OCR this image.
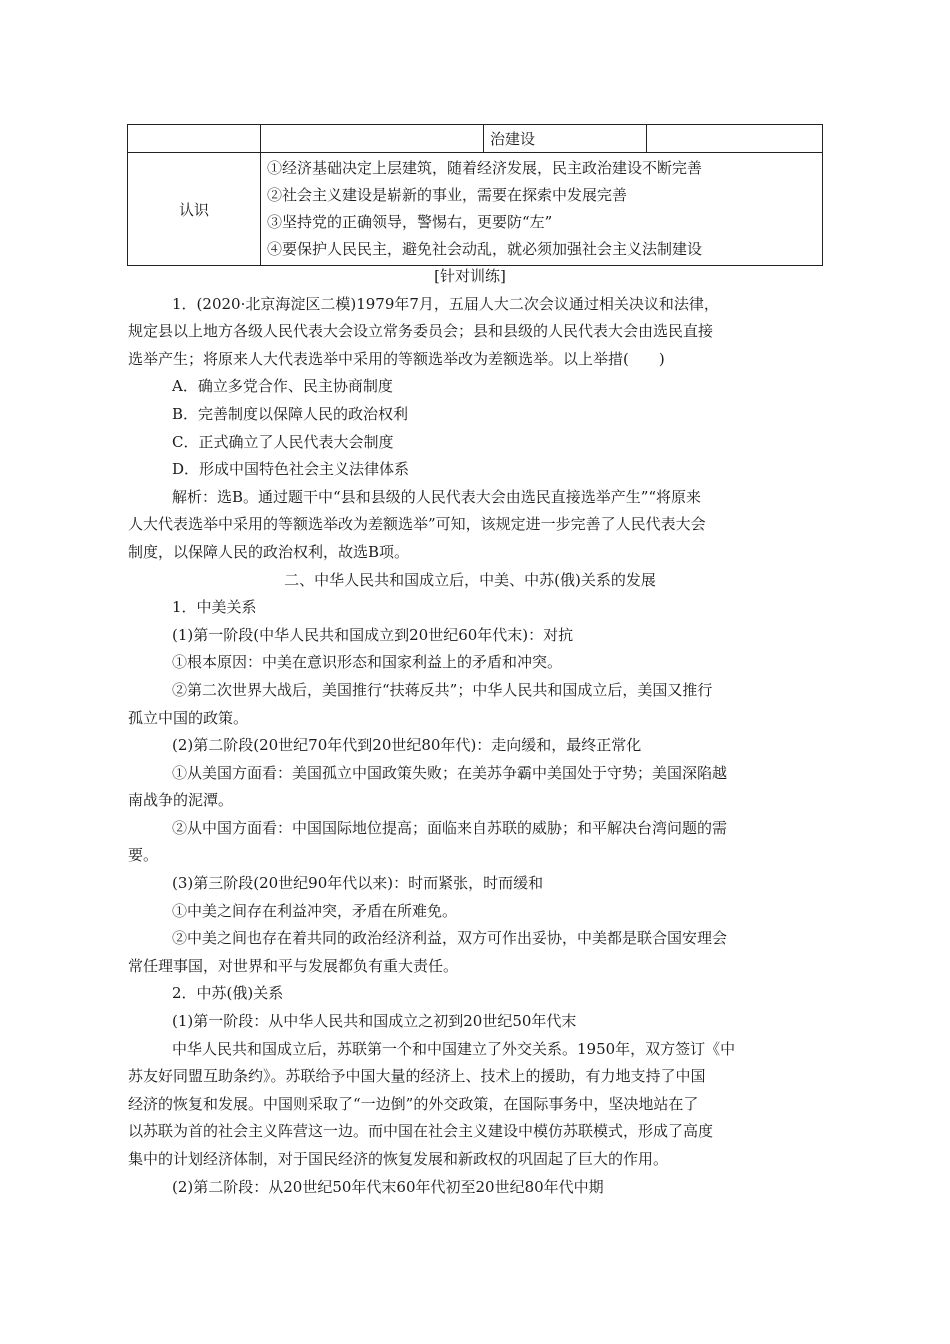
		治建设	
认识	①经济基础决定上层建筑，随着经济发展，民主政治建设不断完善
②社会主义建设是崭新的事业，需要在探索中发展完善
③坚持党的正确领导，警惕右，更要防“左”
④要保护人民民主，避免社会动乱，就必须加强社会主义法制建设		
[针对训练]
1．(2020·北京海淀区二模)1979年7月，五届人大二次会议通过相关决议和法律，
规定县以上地方各级人民代表大会设立常务委员会；县和县级的人民代表大会由选民直接
选举产生；将原来人大代表选举中采用的等额选举改为差额选举。以上举措(　　)
A．确立多党合作、民主协商制度
B．完善制度以保障人民的政治权利
C．正式确立了人民代表大会制度
D．形成中国特色社会主义法律体系
解析：选B。通过题干中“县和县级的人民代表大会由选民直接选举产生”“将原来
人大代表选举中采用的等额选举改为差额选举”可知，该规定进一步完善了人民代表大会
制度，以保障人民的政治权利，故选B项。
二、中华人民共和国成立后，中美、中苏(俄)关系的发展
1．中美关系
(1)第一阶段(中华人民共和国成立到20世纪60年代末)：对抗
①根本原因：中美在意识形态和国家利益上的矛盾和冲突。
②第二次世界大战后，美国推行“扶蒋反共”；中华人民共和国成立后，美国又推行
孤立中国的政策。
(2)第二阶段(20世纪70年代到20世纪80年代)：走向缓和，最终正常化
①从美国方面看：美国孤立中国政策失败；在美苏争霸中美国处于守势；美国深陷越
南战争的泥潭。
②从中国方面看：中国国际地位提高；面临来自苏联的威胁；和平解决台湾问题的需
要。
(3)第三阶段(20世纪90年代以来)：时而紧张，时而缓和
①中美之间存在利益冲突，矛盾在所难免。
②中美之间也存在着共同的政治经济利益，双方可作出妥协，中美都是联合国安理会
常任理事国，对世界和平与发展都负有重大责任。
2．中苏(俄)关系
(1)第一阶段：从中华人民共和国成立之初到20世纪50年代末
中华人民共和国成立后，苏联第一个和中国建立了外交关系。1950年，双方签订《中
苏友好同盟互助条约》。苏联给予中国大量的经济上、技术上的援助，有力地支持了中国
经济的恢复和发展。中国则采取了“一边倒”的外交政策，在国际事务中，坚决地站在了
以苏联为首的社会主义阵营这一边。而中国在社会主义建设中模仿苏联模式，形成了高度
集中的计划经济体制，对于国民经济的恢复发展和新政权的巩固起了巨大的作用。
(2)第二阶段：从20世纪50年代末60年代初至20世纪80年代中期
